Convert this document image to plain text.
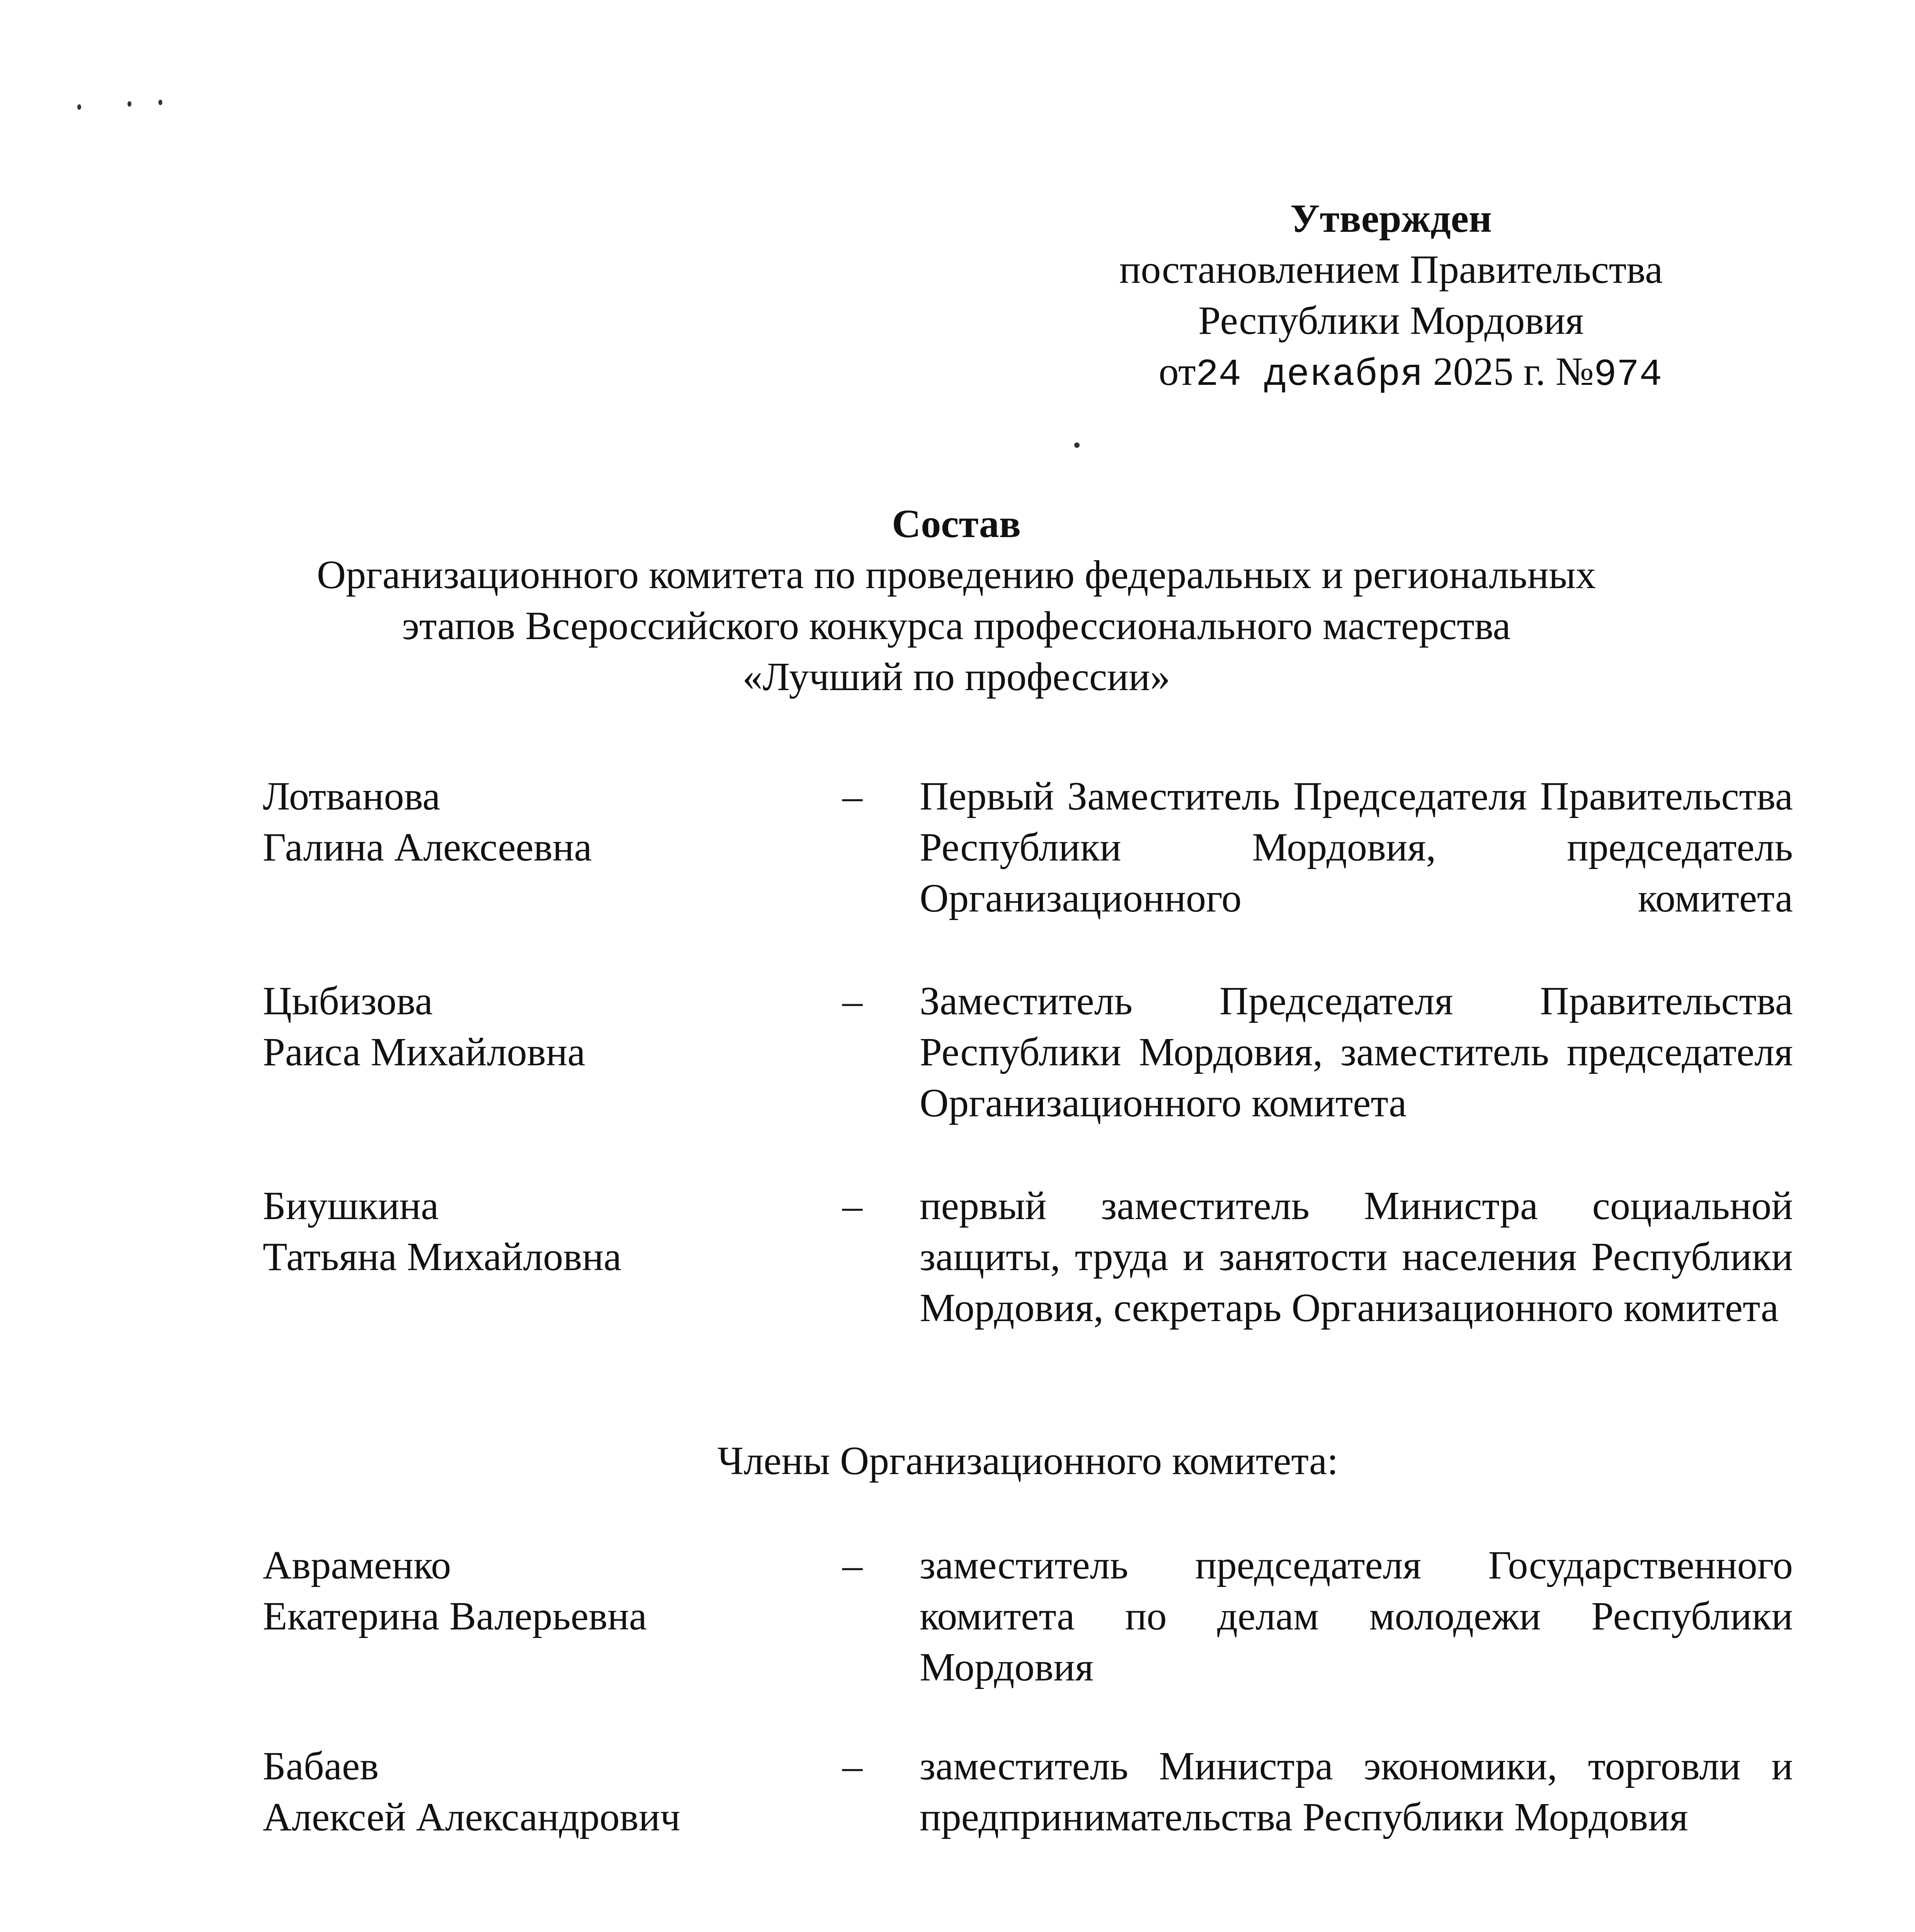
Утвержден
постановлением Правительства
Республики Мордовия
от24 декабря 2025 г. №974
Состав
Организационного комитета по проведению федеральных и региональных
этапов Всероссийского конкурса профессионального мастерства
«Лучший по профессии»
Лотванова
Галина Алексеевна
–	Первый Заместитель Председателя Правительства Республики Мордовия, председатель Организационного комитета
Цыбизова
Раиса Михайловна
–	Заместитель Председателя Правительства Республики Мордовия, заместитель председателя Организационного комитета
Биушкина
Татьяна Михайловна
–	первый заместитель Министра социальной защиты, труда и занятости населения Республики Мордовия, секретарь Организационного комитета
Члены Организационного комитета:
Авраменко
Екатерина Валерьевна
–	заместитель председателя Государственного комитета по делам молодежи Республики Мордовия
Бабаев
Алексей Александрович
–	заместитель Министра экономики, торговли и предпринимательства Республики Мордовия
